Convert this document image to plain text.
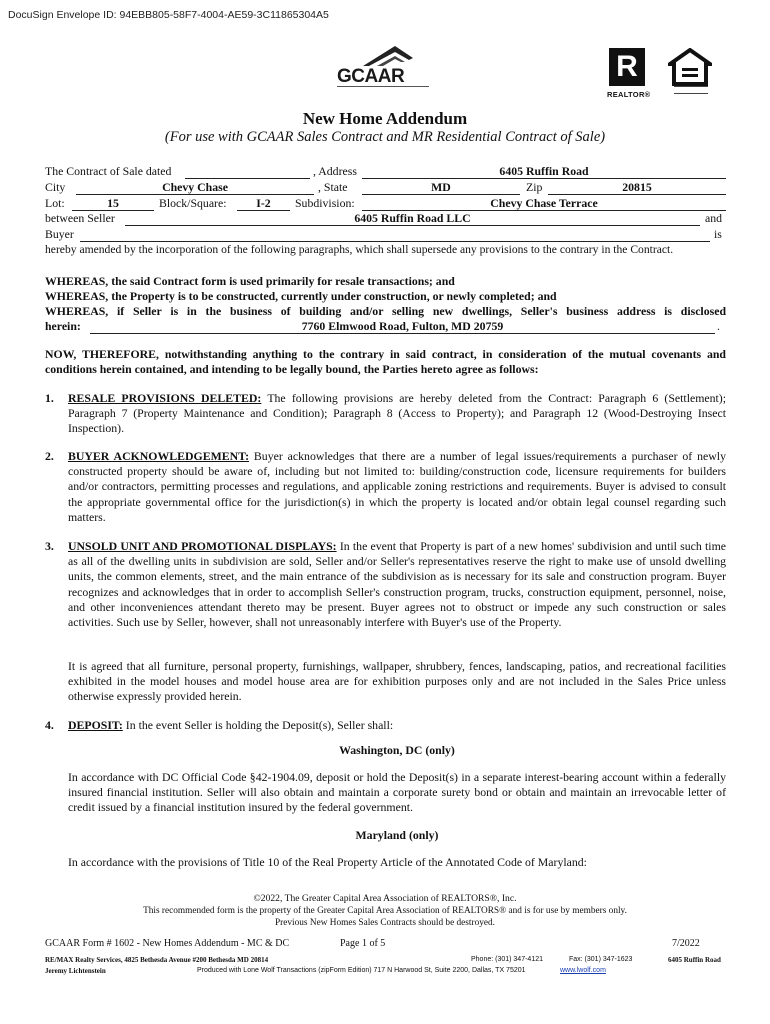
DocuSign Envelope ID: 94EBB805-58F7-4004-AE59-3C11865304A5
GCAAR	R
REALTOR®
New Home Addendum
(For use with GCAAR Sales Contract and MR Residential Contract of Sale)
The Contract of Sale dated	, Address	6405 Ruffin Road
City	Chevy Chase	, State	MD	Zip	20815
Lot:	15	Block/Square:	I-2	Subdivision:	Chevy Chase Terrace
between Seller	6405 Ruffin Road LLC	and
Buyer	is
hereby amended by the incorporation of the following paragraphs, which shall supersede any provisions to the contrary in the Contract.
WHEREAS, the said Contract form is used primarily for resale transactions; and
WHEREAS, the Property is to be constructed, currently under construction, or newly completed; and
WHEREAS, if Seller is in the business of building and/or selling new dwellings, Seller's business address is disclosed
herein:	7760 Elmwood Road, Fulton, MD 20759	.
NOW, THEREFORE, notwithstanding anything to the contrary in said contract, in consideration of the mutual covenants and conditions herein contained, and intending to be legally bound, the Parties hereto agree as follows:
1. RESALE PROVISIONS DELETED: The following provisions are hereby deleted from the Contract: Paragraph 6 (Settlement); Paragraph 7 (Property Maintenance and Condition); Paragraph 8 (Access to Property); and Paragraph 12 (Wood-Destroying Insect Inspection).
2. BUYER ACKNOWLEDGEMENT: Buyer acknowledges that there are a number of legal issues/requirements a purchaser of newly constructed property should be aware of, including but not limited to: building/construction code, licensure requirements for builders and/or contractors, permitting processes and regulations, and applicable zoning restrictions and requirements. Buyer is advised to consult the appropriate governmental office for the jurisdiction(s) in which the property is located and/or obtain legal counsel regarding such matters.
3. UNSOLD UNIT AND PROMOTIONAL DISPLAYS: In the event that Property is part of a new homes' subdivision and until such time as all of the dwelling units in subdivision are sold, Seller and/or Seller's representatives reserve the right to make use of unsold dwelling units, the common elements, street, and the main entrance of the subdivision as is necessary for its sale and construction program. Buyer recognizes and acknowledges that in order to accomplish Seller's construction program, trucks, construction equipment, personnel, noise, and other inconveniences attendant thereto may be present. Buyer agrees not to obstruct or impede any such construction or sales activities. Such use by Seller, however, shall not unreasonably interfere with Buyer's use of the Property.
It is agreed that all furniture, personal property, furnishings, wallpaper, shrubbery, fences, landscaping, patios, and recreational facilities exhibited in the model houses and model house area are for exhibition purposes only and are not included in the Sales Price unless otherwise expressly provided herein.
4. DEPOSIT: In the event Seller is holding the Deposit(s), Seller shall:
Washington, DC (only)
In accordance with DC Official Code §42-1904.09, deposit or hold the Deposit(s) in a separate interest-bearing account within a federally insured financial institution. Seller will also obtain and maintain a corporate surety bond or obtain and maintain an irrevocable letter of credit issued by a financial institution insured by the federal government.
Maryland (only)
In accordance with the provisions of Title 10 of the Real Property Article of the Annotated Code of Maryland:
©2022, The Greater Capital Area Association of REALTORS®, Inc.
This recommended form is the property of the Greater Capital Area Association of REALTORS® and is for use by members only.
Previous New Homes Sales Contracts should be destroyed.
GCAAR Form # 1602 - New Homes Addendum - MC & DC	Page 1 of 5	7/2022
RE/MAX Realty Services, 4825 Bethesda Avenue #200 Bethesda MD 20814	Phone: (301) 347-4121	Fax: (301) 347-1623	6405 Ruffin Road
Jeremy Lichtenstein	Produced with Lone Wolf Transactions (zipForm Edition) 717 N Harwood St, Suite 2200, Dallas, TX 75201	www.lwolf.com
